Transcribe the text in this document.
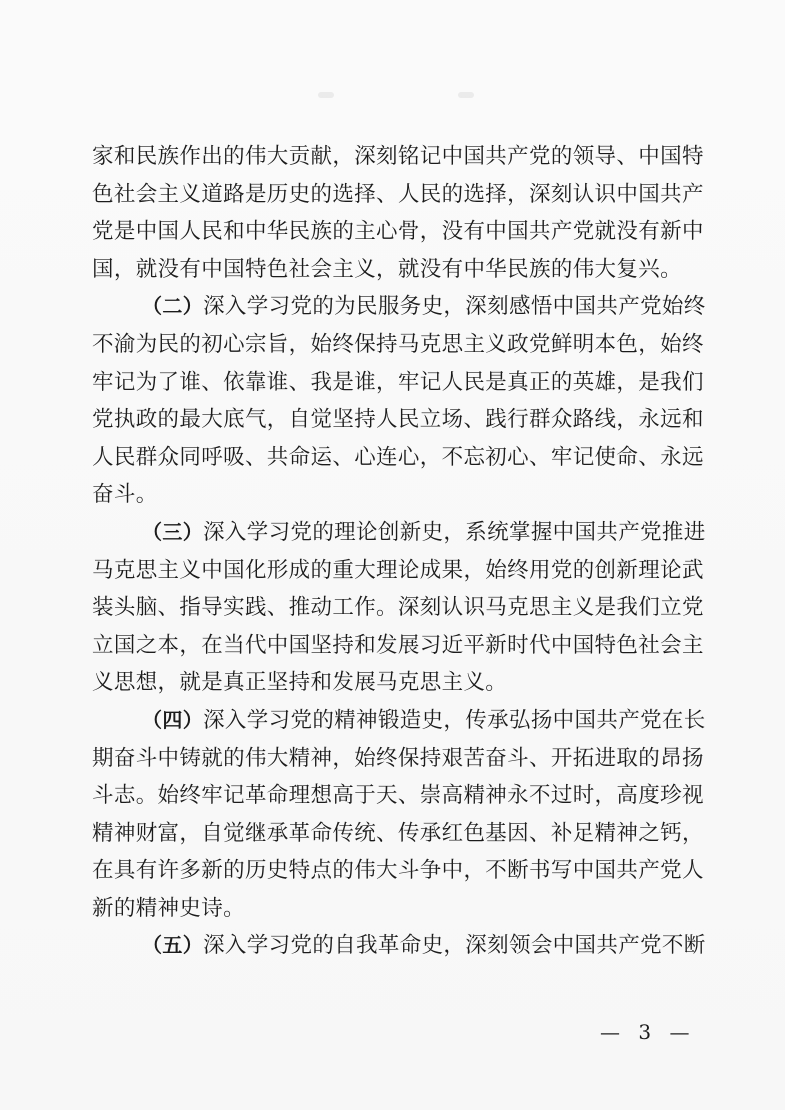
家和民族作出的伟大贡献，深刻铭记中国共产党的领导、中国特
色社会主义道路是历史的选择、人民的选择，深刻认识中国共产
党是中国人民和中华民族的主心骨，没有中国共产党就没有新中
国，就没有中国特色社会主义，就没有中华民族的伟大复兴。
（二）深入学习党的为民服务史，深刻感悟中国共产党始终
不渝为民的初心宗旨，始终保持马克思主义政党鲜明本色，始终
牢记为了谁、依靠谁、我是谁，牢记人民是真正的英雄，是我们
党执政的最大底气，自觉坚持人民立场、践行群众路线，永远和
人民群众同呼吸、共命运、心连心，不忘初心、牢记使命、永远
奋斗。
（三）深入学习党的理论创新史，系统掌握中国共产党推进
马克思主义中国化形成的重大理论成果，始终用党的创新理论武
装头脑、指导实践、推动工作。深刻认识马克思主义是我们立党
立国之本，在当代中国坚持和发展习近平新时代中国特色社会主
义思想，就是真正坚持和发展马克思主义。
（四）深入学习党的精神锻造史，传承弘扬中国共产党在长
期奋斗中铸就的伟大精神，始终保持艰苦奋斗、开拓进取的昂扬
斗志。始终牢记革命理想高于天、崇高精神永不过时，高度珍视
精神财富，自觉继承革命传统、传承红色基因、补足精神之钙，
在具有许多新的历史特点的伟大斗争中，不断书写中国共产党人
新的精神史诗。
（五）深入学习党的自我革命史，深刻领会中国共产党不断
— 3 —
